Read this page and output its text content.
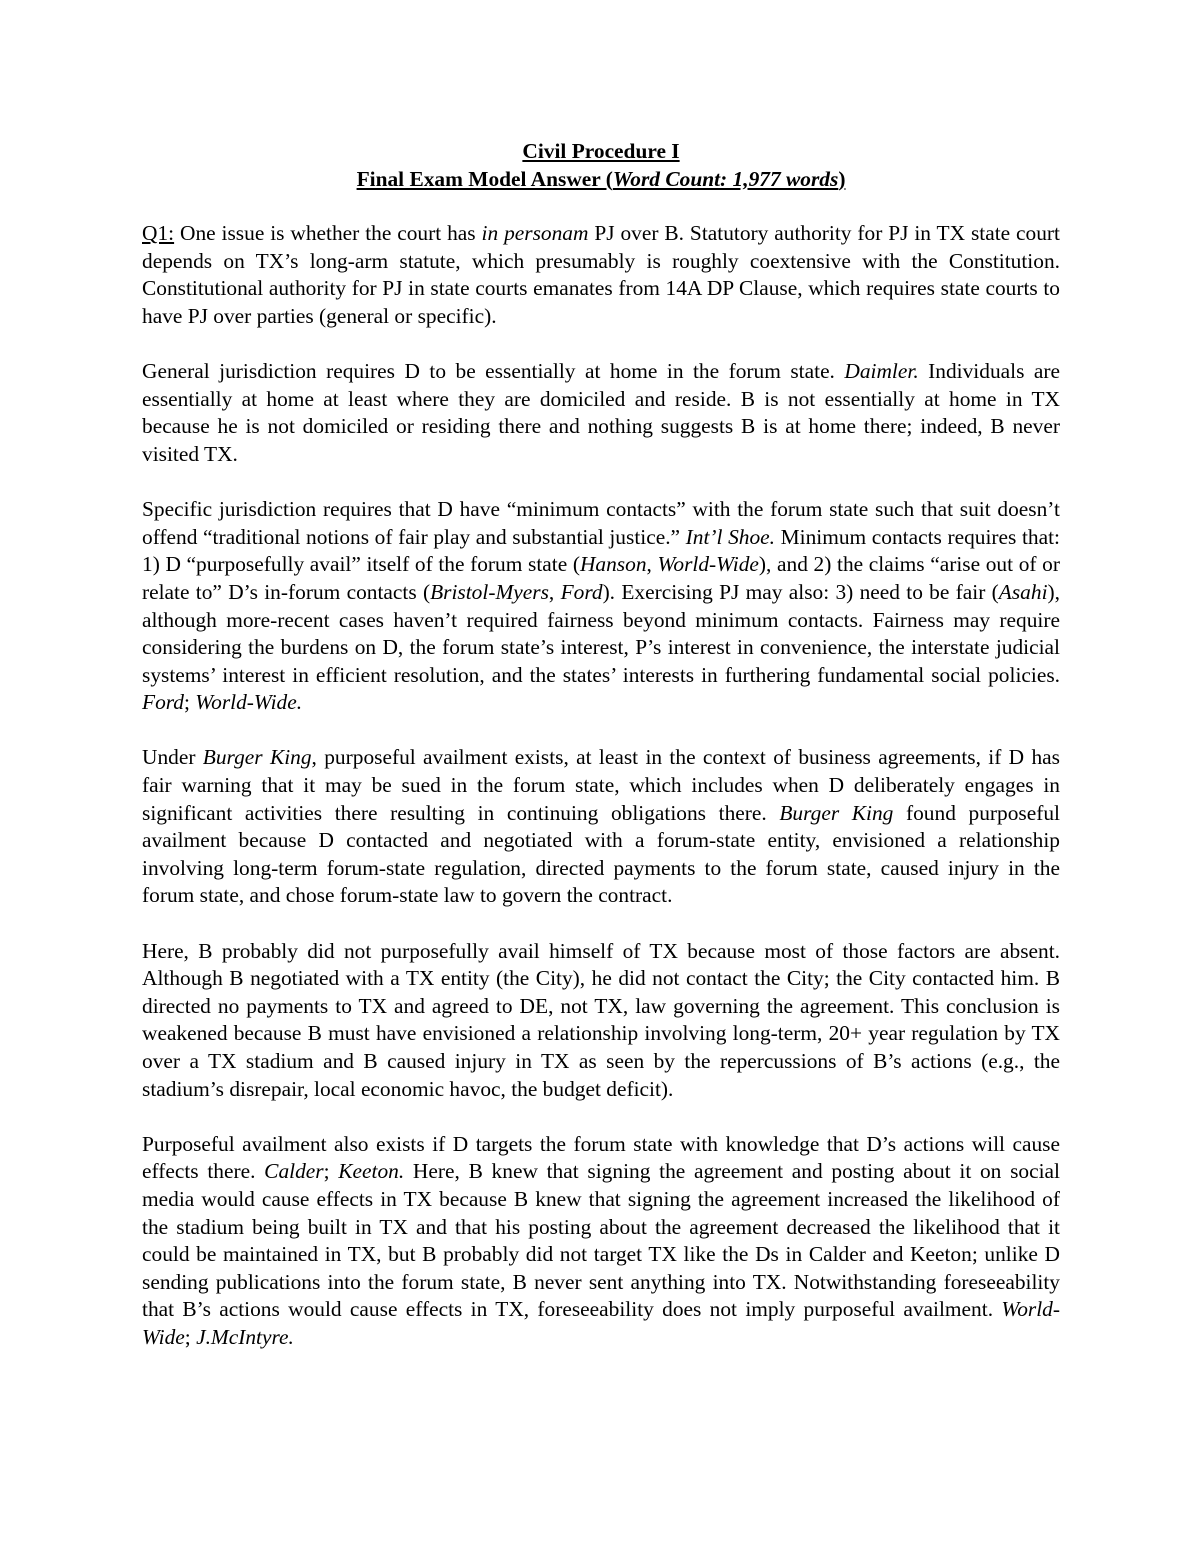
Civil Procedure I
Final Exam Model Answer (Word Count: 1,977 words)

Q1: One issue is whether the court has in personam PJ over B. Statutory authority for PJ in TX state court depends on TX’s long-arm statute, which presumably is roughly coextensive with the Constitution. Constitutional authority for PJ in state courts emanates from 14A DP Clause, which requires state courts to have PJ over parties (general or specific).

General jurisdiction requires D to be essentially at home in the forum state. Daimler. Individuals are essentially at home at least where they are domiciled and reside. B is not essentially at home in TX because he is not domiciled or residing there and nothing suggests B is at home there; indeed, B never visited TX.

Specific jurisdiction requires that D have “minimum contacts” with the forum state such that suit doesn’t offend “traditional notions of fair play and substantial justice.” Int’l Shoe. Minimum contacts requires that: 1) D “purposefully avail” itself of the forum state (Hanson, World-Wide), and 2) the claims “arise out of or relate to” D’s in-forum contacts (Bristol-Myers, Ford). Exercising PJ may also: 3) need to be fair (Asahi), although more-recent cases haven’t required fairness beyond minimum contacts. Fairness may require considering the burdens on D, the forum state’s interest, P’s interest in convenience, the interstate judicial systems’ interest in efficient resolution, and the states’ interests in furthering fundamental social policies. Ford; World-Wide.

Under Burger King, purposeful availment exists, at least in the context of business agreements, if D has fair warning that it may be sued in the forum state, which includes when D deliberately engages in significant activities there resulting in continuing obligations there. Burger King found purposeful availment because D contacted and negotiated with a forum-state entity, envisioned a relationship involving long-term forum-state regulation, directed payments to the forum state, caused injury in the forum state, and chose forum-state law to govern the contract.

Here, B probably did not purposefully avail himself of TX because most of those factors are absent. Although B negotiated with a TX entity (the City), he did not contact the City; the City contacted him. B directed no payments to TX and agreed to DE, not TX, law governing the agreement. This conclusion is weakened because B must have envisioned a relationship involving long-term, 20+ year regulation by TX over a TX stadium and B caused injury in TX as seen by the repercussions of B’s actions (e.g., the stadium’s disrepair, local economic havoc, the budget deficit).

Purposeful availment also exists if D targets the forum state with knowledge that D’s actions will cause effects there. Calder; Keeton. Here, B knew that signing the agreement and posting about it on social media would cause effects in TX because B knew that signing the agreement increased the likelihood of the stadium being built in TX and that his posting about the agreement decreased the likelihood that it could be maintained in TX, but B probably did not target TX like the Ds in Calder and Keeton; unlike D sending publications into the forum state, B never sent anything into TX. Notwithstanding foreseeability that B’s actions would cause effects in TX, foreseeability does not imply purposeful availment. World-Wide; J.McIntyre.
